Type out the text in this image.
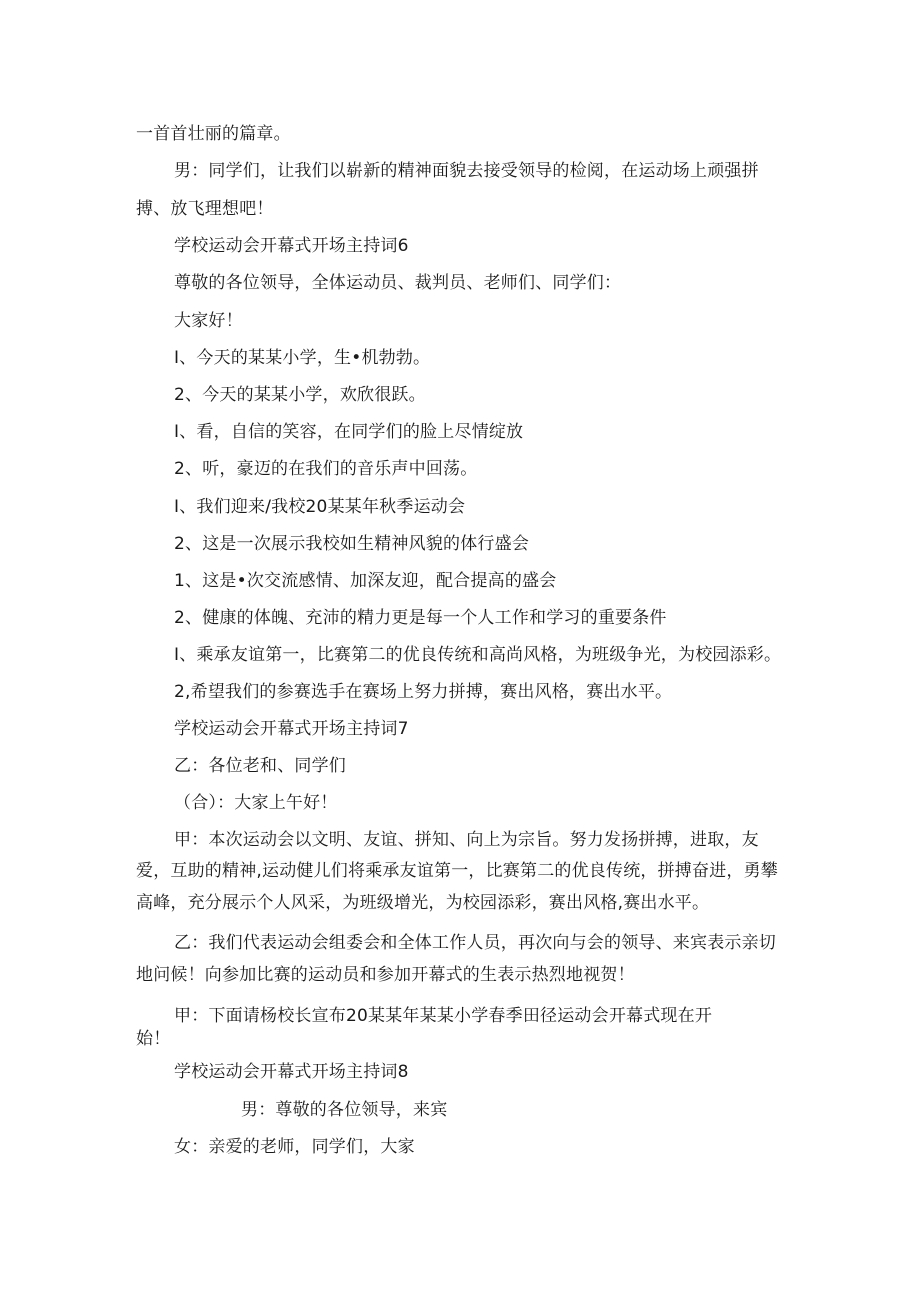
一首首壮丽的篇章。
男：同学们，让我们以崭新的精神面貌去接受领导的检阅，在运动场上顽强拼
搏、放飞理想吧！
学校运动会开幕式开场主持词6
尊敬的各位领导，全体运动员、裁判员、老师们、同学们：
大家好！
I、今天的某某小学，生•机勃勃。
2、今天的某某小学，欢欣很跃。
I、看，自信的笑容，在同学们的脸上尽情绽放
2、听，豪迈的在我们的音乐声中回荡。
I、我们迎来/我校20某某年秋季运动会
2、这是一次展示我校如生精神风貌的体行盛会
1、这是•次交流感情、加深友迎，配合提高的盛会
2、健康的体魄、充沛的精力更是每一个人工作和学习的重要条件
I、乘承友谊第一，比赛第二的优良传统和高尚风格，为班级争光，为校园添彩。
2,希望我们的参赛选手在赛场上努力拼搏，赛出风格，赛出水平。
学校运动会开幕式开场主持词7
乙：各位老和、同学们
（合）：大家上午好！
甲：本次运动会以文明、友谊、拼知、向上为宗旨。努力发扬拼搏，进取，友
爱，互助的精神,运动健儿们将乘承友谊第一，比赛第二的优良传统，拼搏奋进，勇攀
高峰，充分展示个人风采，为班级增光，为校园添彩，赛出风格,赛出水平。
乙：我们代表运动会组委会和全体工作人员，再次向与会的领导、来宾表示亲切
地问候！向参加比赛的运动员和参加开幕式的生表示热烈地视贺！
甲：下面请杨校长宣布20某某年某某小学春季田径运动会开幕式现在开
始！
学校运动会开幕式开场主持词8
男：尊敬的各位领导，来宾
女：亲爱的老师，同学们，大家
